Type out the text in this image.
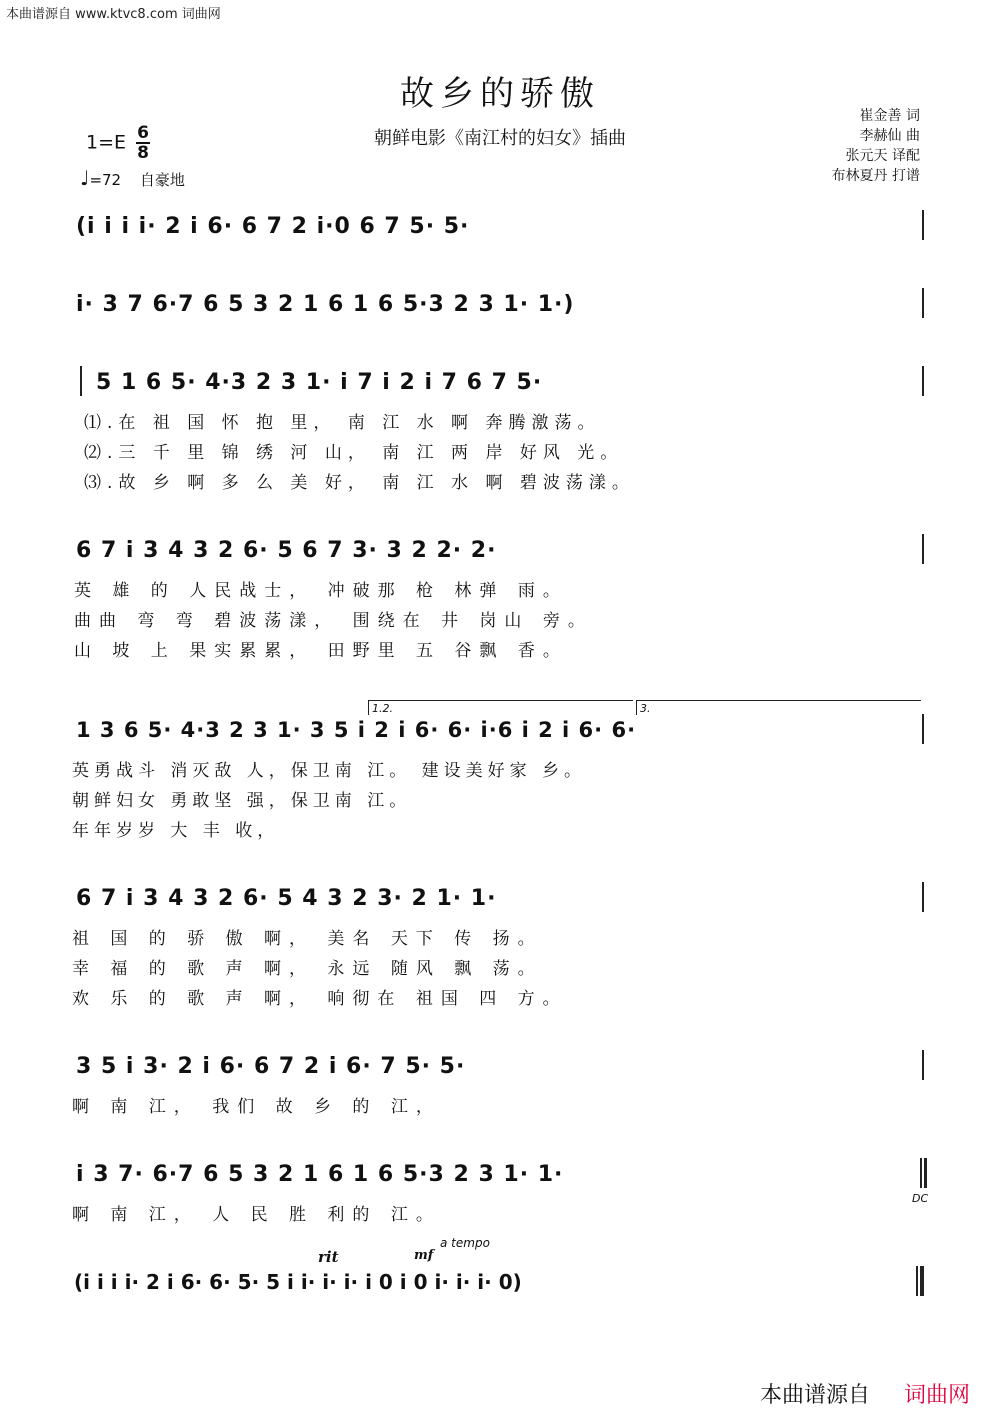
本曲谱源自 www.ktvc8.com 词曲网
故乡的骄傲
朝鲜电影《南江村的妇女》插曲
$1=E \frac{6}{8}$
♩=72 自豪地
崔金善 词
李赫仙 曲
张元天 译配
布林夏丹 打谱
(i i i i· 2 i 6· 6 7 2 i·0 6 7 5· 5·
i· 3 7 6·7 6 5 3 2 1 6 1 6 5·3 2 3 1· 1·)
5 1 6 5· 4·3 2 3 1· i 7 i 2 i 7 6 7 5·
⑴.在 祖 国 怀 抱 里， 南 江 水 啊 奔腾激荡。
⑵.三 千 里 锦 绣 河 山， 南 江 两 岸 好风 光。
⑶.故 乡 啊 多 么 美 好， 南 江 水 啊 碧波荡漾。
6 7 i 3 4 3 2 6· 5 6 7 3· 3 2 2· 2·
英 雄 的 人民战士， 冲破那 枪 林弹 雨。
曲曲 弯 弯 碧波荡漾， 围绕在 井 岗山 旁。
山 坡 上 果实累累， 田野里 五 谷飘 香。
1.2.	3.
1 3 6 5· 4·3 2 3 1· 3 5 i 2 i 6· 6· i·6 i 2 i 6· 6·
英勇战斗 消灭敌 人，保卫南 江。 建设美好家 乡。
朝鲜妇女 勇敢坚 强，保卫南 江。
年年岁岁 大 丰 收，
6 7 i 3 4 3 2 6· 5 4 3 2 3· 2 1· 1·
祖 国 的 骄 傲 啊， 美名 天下 传 扬。
幸 福 的 歌 声 啊， 永远 随风 飘 荡。
欢 乐 的 歌 声 啊， 响彻在 祖国 四 方。
3 5 i 3· 2 i 6· 6 7 2 i 6· 7 5· 5·
啊 南 江， 我们 故 乡 的 江，
i 3 7· 6·7 6 5 3 2 1 6 1 6 5·3 2 3 1· 1·
DC
啊 南 江， 人 民 胜 利的 江。
rit	mf
a tempo
(i i i i· 2 i 6· 6· 5· 5 i i· i· i· i 0 i 0 i· i· i· 0)
本曲谱源自 词曲网
